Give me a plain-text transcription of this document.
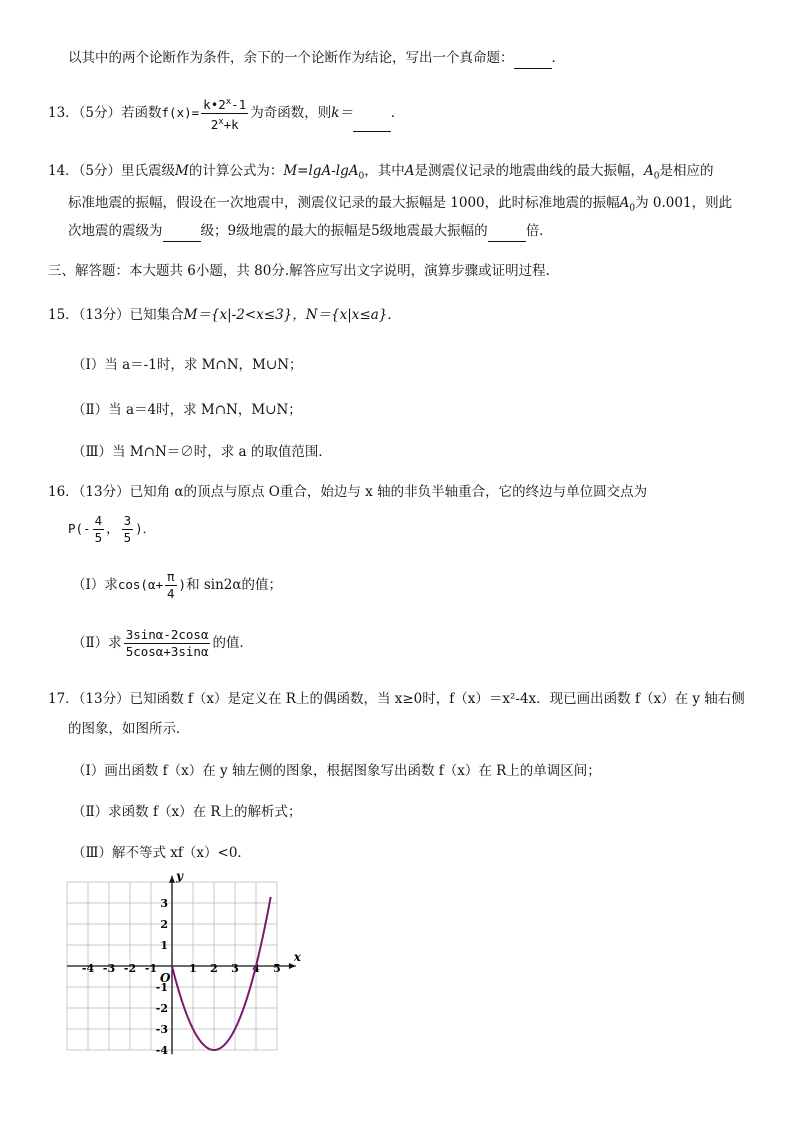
以其中的两个论断作为条件，余下的一个论断作为结论，写出一个真命题：	．
13．（5分）若函数$f(x)= \frac{k•2^x-1}{2^x+k}$ 为奇函数，则k＝	．
14．（5分）里氏震级M的计算公式为：M=lgA-lgA$_0$，其中A是测震仪记录的地震曲线的最大振幅，$A_0$是相应的
标准地震的振幅，假设在一次地震中，测震仪记录的最大振幅是 1000，此时标准地震的振幅$A_0$为 0.001，则此
次地震的震级为	级；9级地震的最大的振幅是5级地震最大振幅的	倍．
三、解答题：本大题共 6小题，共 80分.解答应写出文字说明，演算步骤或证明过程.
15．（13分）已知集合M＝{x|-2<x≤3}，N＝{x|x≤a}．
（Ⅰ）当 a＝-1时，求 M∩N，M∪N；
（Ⅱ）当 a＝4时，求 M∩N，M∪N；
（Ⅲ）当 M∩N＝∅时，求 a 的取值范围．
16．（13分）已知角 α的顶点与原点 O重合，始边与 x 轴的非负半轴重合，它的终边与单位圆交点为
$P(- \frac{4}{5}$ ， $\frac{3}{5}$ )．
（Ⅰ）求$\cos(\alpha+ \frac{\pi}{4}$ )和 sin2α的值；
（Ⅱ）求 $\frac{3\sin\alpha-2\cos\alpha}{5\cos\alpha+3\sin\alpha}$ 的值．
17．（13分）已知函数 f（x）是定义在 R上的偶函数，当 x≥0时，f（x）＝x²-4x．现已画出函数 f（x）在 y 轴右侧
的图象，如图所示．
（Ⅰ）画出函数 f（x）在 y 轴左侧的图象，根据图象写出函数 f（x）在 R上的单调区间；
（Ⅱ）求函数 f（x）在 R上的解析式；
（Ⅲ）解不等式 xf（x）<0．
-4 -3 -2 -1	1 2 3 4 5
3
2
1
-1
-2
-3
-4
x
y
O
